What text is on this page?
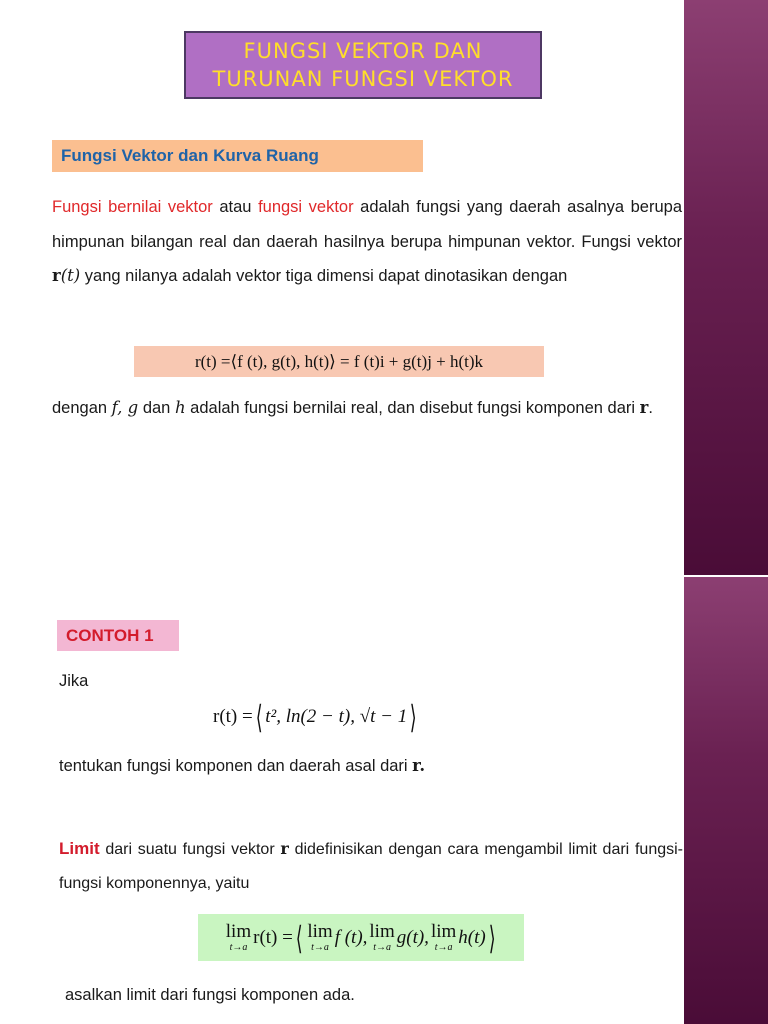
FUNGSI VEKTOR DAN
TURUNAN FUNGSI VEKTOR
Fungsi Vektor dan Kurva Ruang
Fungsi bernilai vektor atau fungsi vektor adalah fungsi yang daerah asalnya berupa himpunan bilangan real dan daerah hasilnya berupa himpunan vektor. Fungsi vektor r(t) yang nilanya adalah vektor tiga dimensi dapat dinotasikan dengan
r(t) =⟨f (t), g(t), h(t)⟩ = f (t)i + g(t)j + h(t)k
dengan f, g dan h adalah fungsi bernilai real, dan disebut fungsi komponen dari r.
CONTOH 1
Jika
r(t) = ⟨ t², ln(2 − t), √t − 1 ⟩
tentukan fungsi komponen dan daerah asal dari r.
Limit dari suatu fungsi vektor r didefinisikan dengan cara mengambil limit dari fungsi-fungsi komponennya, yaitu
lim
t→a r(t) = ⟨ lim
t→a f (t), lim
t→a g(t), lim
t→a h(t) ⟩
asalkan limit dari fungsi komponen ada.
